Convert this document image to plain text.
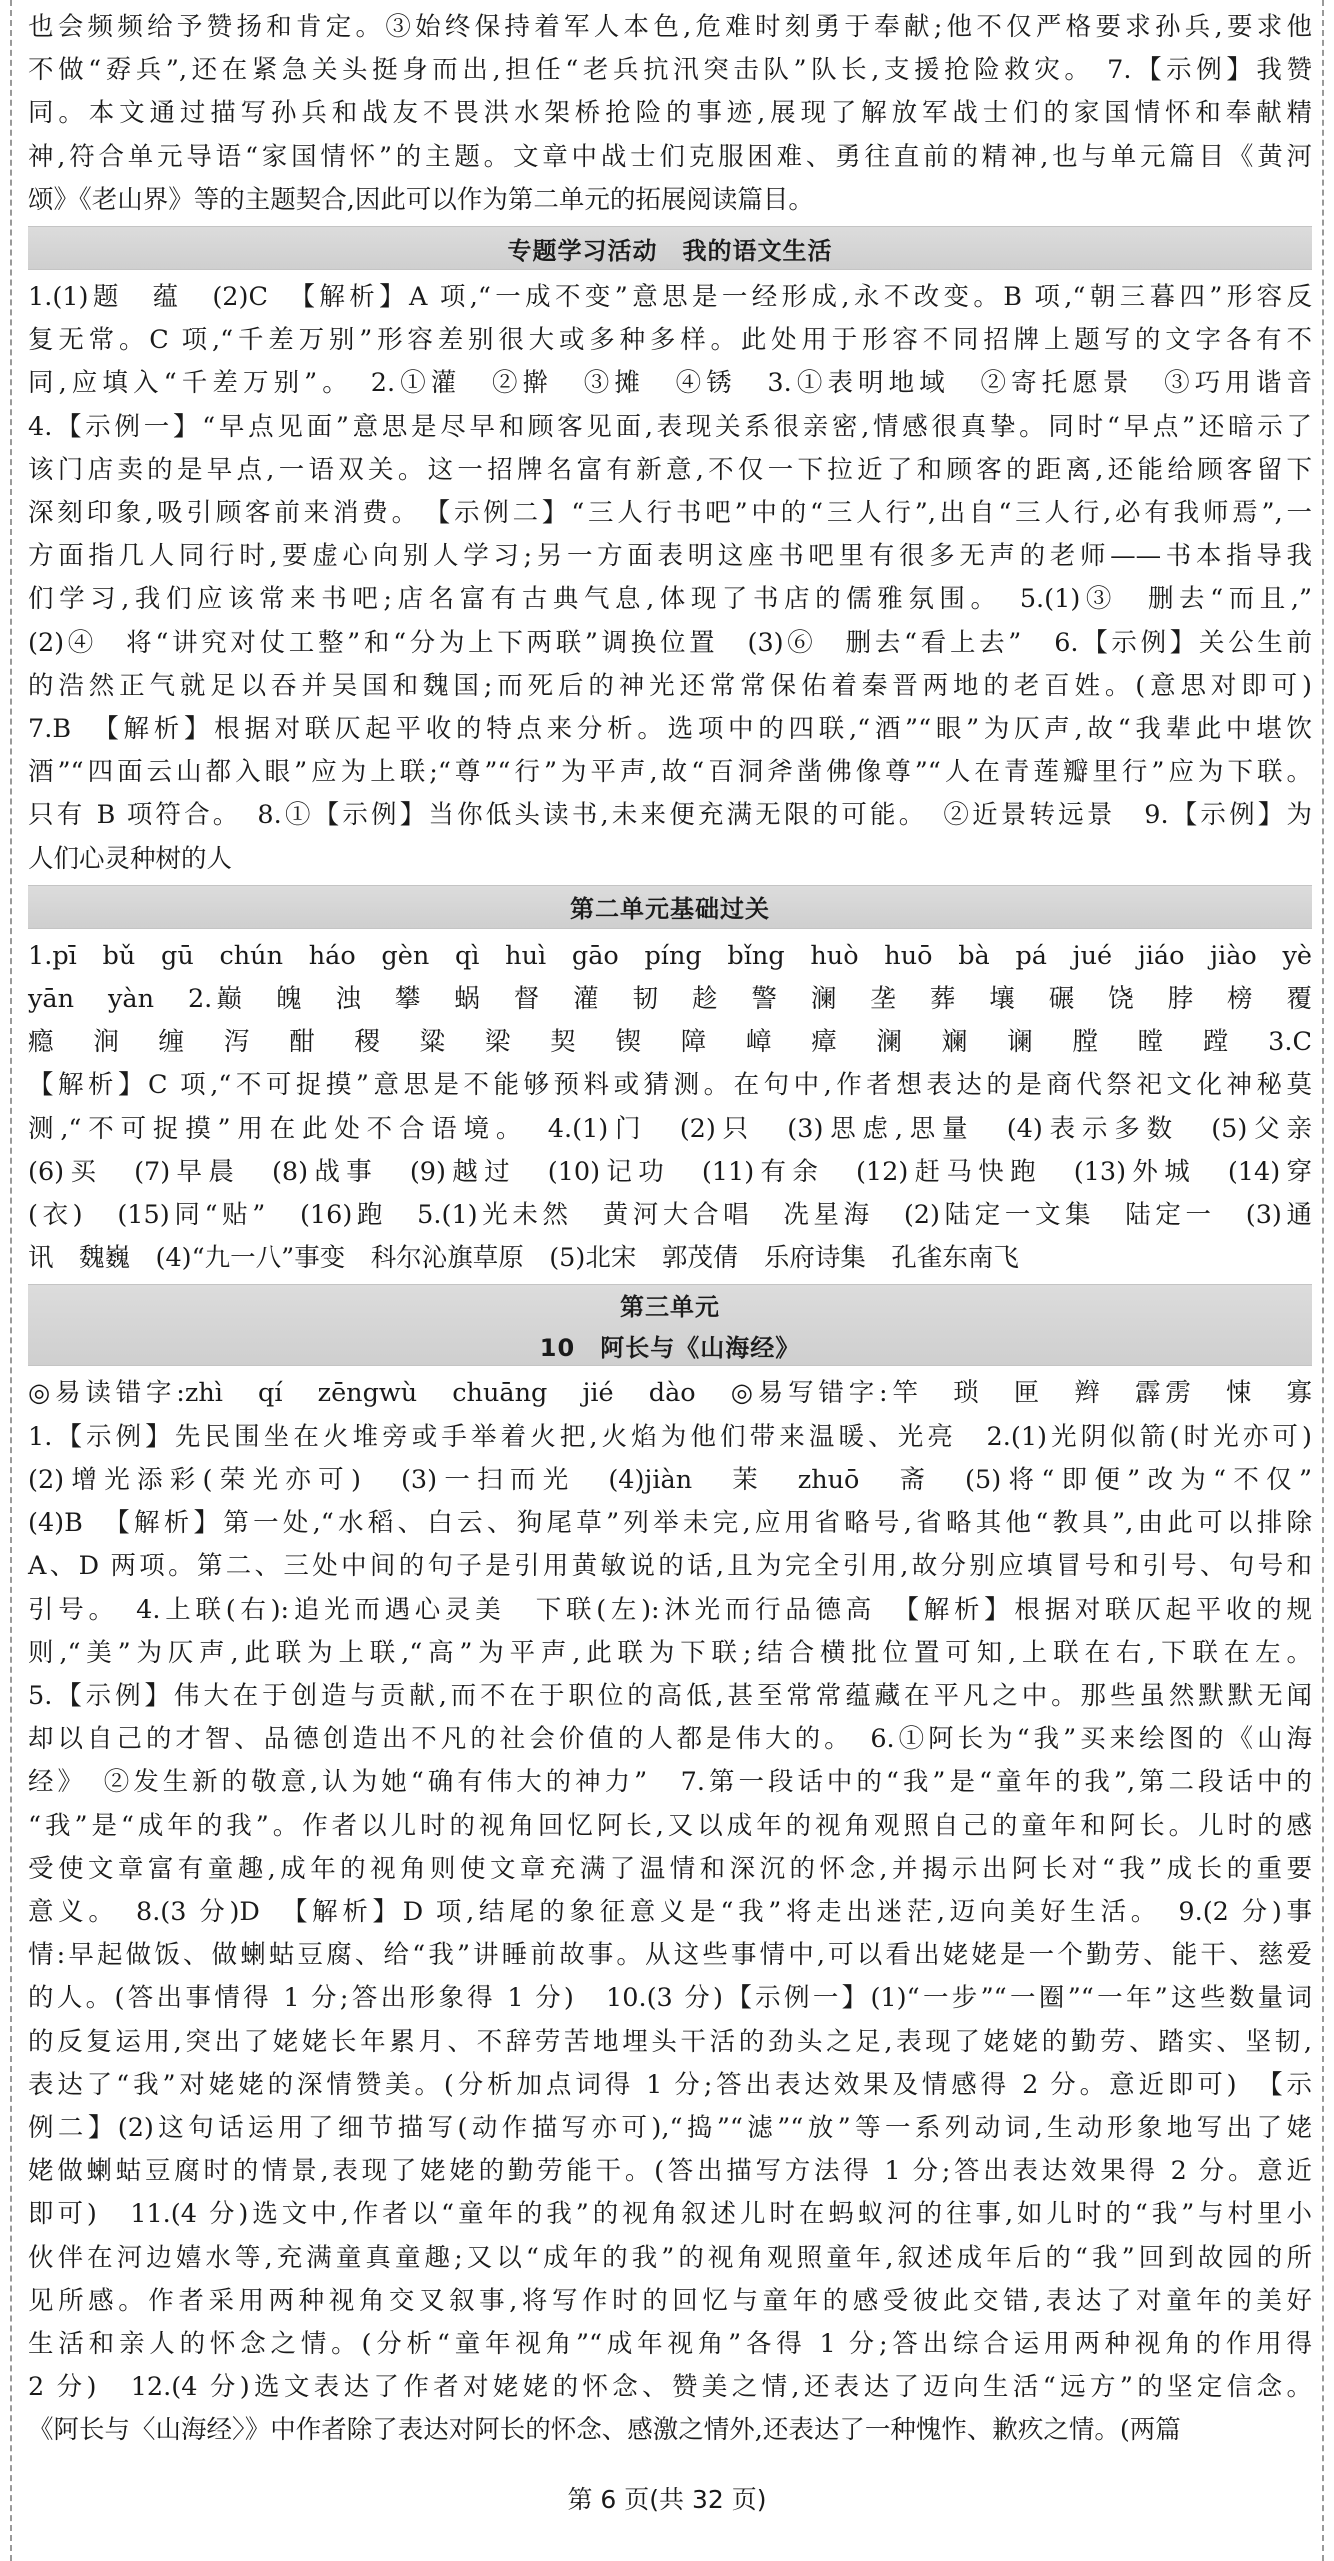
也会频频给予赞扬和肯定。③始终保持着军人本色,危难时刻勇于奉献;他不仅严格要求孙兵,要求他

不做“孬兵”,还在紧急关头挺身而出,担任“老兵抗汛突击队”队长,支援抢险救灾。 7.【示例】我赞

同。本文通过描写孙兵和战友不畏洪水架桥抢险的事迹,展现了解放军战士们的家国情怀和奉献精

神,符合单元导语“家国情怀”的主题。文章中战士们克服困难、勇往直前的精神,也与单元篇目《黄河

颂》《老山界》等的主题契合,因此可以作为第二单元的拓展阅读篇目。

专题学习活动　我的语文生活

1.(1)题　蕴　(2)C　【解析】A 项,“一成不变”意思是一经形成,永不改变。B 项,“朝三暮四”形容反

复无常。C 项,“千差万别”形容差别很大或多种多样。此处用于形容不同招牌上题写的文字各有不

同,应填入“千差万别”。　2.①灌　②擀　③摊　④锈　3.①表明地域　②寄托愿景　③巧用谐音

4.【示例一】“早点见面”意思是尽早和顾客见面,表现关系很亲密,情感很真挚。同时“早点”还暗示了

该门店卖的是早点,一语双关。这一招牌名富有新意,不仅一下拉近了和顾客的距离,还能给顾客留下

深刻印象,吸引顾客前来消费。　【示例二】“三人行书吧”中的“三人行”,出自“三人行,必有我师焉”,一

方面指几人同行时,要虚心向别人学习;另一方面表明这座书吧里有很多无声的老师——书本指导我

们学习,我们应该常来书吧;店名富有古典气息,体现了书店的儒雅氛围。　5.(1)③　删去“而且,”

(2)④　将“讲究对仗工整”和“分为上下两联”调换位置　(3)⑥　删去“看上去”　6.【示例】关公生前

的浩然正气就足以吞并吴国和魏国;而死后的神光还常常保佑着秦晋两地的老百姓。(意思对即可)

7.B　【解析】根据对联仄起平收的特点来分析。选项中的四联,“酒”“眼”为仄声,故“我辈此中堪饮

酒”“四面云山都入眼”应为上联;“尊”“行”为平声,故“百洞斧凿佛像尊”“人在青莲瓣里行”应为下联。

只有 B 项符合。　8.①【示例】当你低头读书,未来便充满无限的可能。　②近景转远景　9.【示例】为

人们心灵种树的人

第二单元基础过关

1.pī　bǔ　gū　chún　háo　gèn　qì　huì　gāo　píng　bǐng　huò　huō　bà　pá　jué　jiáo　jiào　yè

yān　yàn　2.巅　魄　浊　攀　蜗　督　灌　韧　趁　警　澜　垄　葬　壤　碾　饶　脖　榜　覆

瘾　涧　缠　泻　酣　稷　粱　梁　契　锲　障　嶂　瘴　澜　斓　谰　膛　瞠　蹚　3.C

【解析】C 项,“不可捉摸”意思是不能够预料或猜测。在句中,作者想表达的是商代祭祀文化神秘莫

测,“不可捉摸”用在此处不合语境。　4.(1)门　(2)只　(3)思虑,思量　(4)表示多数　(5)父亲

(6)买　(7)早晨　(8)战事　(9)越过　(10)记功　(11)有余　(12)赶马快跑　(13)外城　(14)穿

(衣)　(15)同“贴”　(16)跑　5.(1)光未然　黄河大合唱　冼星海　(2)陆定一文集　陆定一　(3)通

讯　魏巍　(4)“九一八”事变　科尔沁旗草原　(5)北宋　郭茂倩　乐府诗集　孔雀东南飞

第三单元
10　阿长与《山海经》

◎易读错字:zhì　qí　zēngwù　chuāng　jié　dào　◎易写错字:竿　琐　匣　辫　霹雳　悚　寡

1.【示例】先民围坐在火堆旁或手举着火把,火焰为他们带来温暖、光亮　2.(1)光阴似箭(时光亦可)

(2)增光添彩(荣光亦可)　(3)一扫而光　(4)jiàn　茉　zhuō　斋　(5)将“即便”改为“不仅”

(4)B　【解析】第一处,“水稻、白云、狗尾草”列举未完,应用省略号,省略其他“教具”,由此可以排除

A、D 两项。第二、三处中间的句子是引用黄敏说的话,且为完全引用,故分别应填冒号和引号、句号和

引号。　4.上联(右):追光而遇心灵美　下联(左):沐光而行品德高　【解析】根据对联仄起平收的规

则,“美”为仄声,此联为上联,“高”为平声,此联为下联;结合横批位置可知,上联在右,下联在左。

5.【示例】伟大在于创造与贡献,而不在于职位的高低,甚至常常蕴藏在平凡之中。那些虽然默默无闻

却以自己的才智、品德创造出不凡的社会价值的人都是伟大的。　6.①阿长为“我”买来绘图的《山海

经》　②发生新的敬意,认为她“确有伟大的神力”　7.第一段话中的“我”是“童年的我”,第二段话中的

“我”是“成年的我”。作者以儿时的视角回忆阿长,又以成年的视角观照自己的童年和阿长。儿时的感

受使文章富有童趣,成年的视角则使文章充满了温情和深沉的怀念,并揭示出阿长对“我”成长的重要

意义。　8.(3 分)D　【解析】D 项,结尾的象征意义是“我”将走出迷茫,迈向美好生活。　9.(2 分)事

情:早起做饭、做蝲蛄豆腐、给“我”讲睡前故事。从这些事情中,可以看出姥姥是一个勤劳、能干、慈爱

的人。(答出事情得 1 分;答出形象得 1 分)　10.(3 分)【示例一】(1)“一步”“一圈”“一年”这些数量词

的反复运用,突出了姥姥长年累月、不辞劳苦地埋头干活的劲头之足,表现了姥姥的勤劳、踏实、坚韧,

表达了“我”对姥姥的深情赞美。(分析加点词得 1 分;答出表达效果及情感得 2 分。意近即可)　【示

例二】(2)这句话运用了细节描写(动作描写亦可),“捣”“滤”“放”等一系列动词,生动形象地写出了姥

姥做蝲蛄豆腐时的情景,表现了姥姥的勤劳能干。(答出描写方法得 1 分;答出表达效果得 2 分。意近

即可)　11.(4 分)选文中,作者以“童年的我”的视角叙述儿时在蚂蚁河的往事,如儿时的“我”与村里小

伙伴在河边嬉水等,充满童真童趣;又以“成年的我”的视角观照童年,叙述成年后的“我”回到故园的所

见所感。作者采用两种视角交叉叙事,将写作时的回忆与童年的感受彼此交错,表达了对童年的美好

生活和亲人的怀念之情。(分析“童年视角”“成年视角”各得 1 分;答出综合运用两种视角的作用得

2 分)　12.(4 分)选文表达了作者对姥姥的怀念、赞美之情,还表达了迈向生活“远方”的坚定信念。

《阿长与〈山海经〉》中作者除了表达对阿长的怀念、感激之情外,还表达了一种愧怍、歉疚之情。(两篇

第 6 页(共 32 页)
